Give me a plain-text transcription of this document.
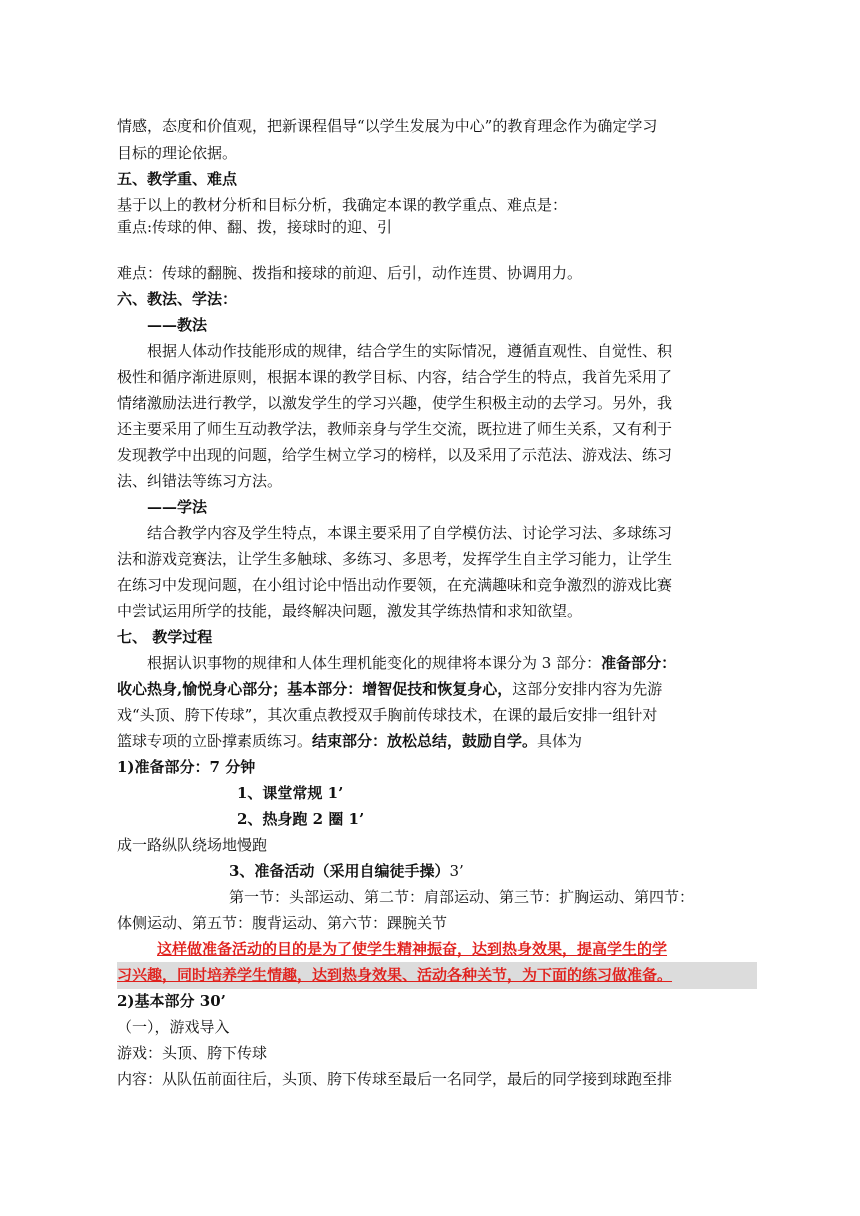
情感，态度和价值观，把新课程倡导“以学生发展为中心”的教育理念作为确定学习

目标的理论依据。

五、教学重、难点

基于以上的教材分析和目标分析，我确定本课的教学重点、难点是：

重点:传球的伸、翻、拨，接球时的迎、引

难点：传球的翻腕、拨指和接球的前迎、后引，动作连贯、协调用力。

六、教法、学法：

——教法

根据人体动作技能形成的规律，结合学生的实际情况，遵循直观性、自觉性、积

极性和循序渐进原则，根据本课的教学目标、内容，结合学生的特点，我首先采用了

情绪激励法进行教学，以激发学生的学习兴趣，使学生积极主动的去学习。另外，我

还主要采用了师生互动教学法，教师亲身与学生交流，既拉进了师生关系，又有利于

发现教学中出现的问题，给学生树立学习的榜样，以及采用了示范法、游戏法、练习

法、纠错法等练习方法。

——学法

结合教学内容及学生特点，本课主要采用了自学模仿法、讨论学习法、多球练习

法和游戏竞赛法，让学生多触球、多练习、多思考，发挥学生自主学习能力，让学生

在练习中发现问题，在小组讨论中悟出动作要领，在充满趣味和竞争激烈的游戏比赛

中尝试运用所学的技能，最终解决问题，激发其学练热情和求知欲望。

七、 教学过程

根据认识事物的规律和人体生理机能变化的规律将本课分为 3 部分：准备部分：

收心热身,愉悦身心部分；基本部分：增智促技和恢复身心，这部分安排内容为先游

戏“头顶、胯下传球”，其次重点教授双手胸前传球技术，在课的最后安排一组针对

篮球专项的立卧撑素质练习。结束部分：放松总结，鼓励自学。具体为

1)准备部分：7 分钟

1、课堂常规 1’

2、热身跑 2 圈 1’

成一路纵队绕场地慢跑

3、准备活动（采用自编徒手操）3’

第一节：头部运动、第二节：肩部运动、第三节：扩胸运动、第四节：

体侧运动、第五节：腹背运动、第六节：踝腕关节

这样做准备活动的目的是为了使学生精神振奋，达到热身效果，提高学生的学

习兴趣，同时培养学生情趣，达到热身效果、活动各种关节，为下面的练习做准备。

2)基本部分 30’

（一），游戏导入

游戏：头顶、胯下传球

内容：从队伍前面往后，头顶、胯下传球至最后一名同学，最后的同学接到球跑至排
